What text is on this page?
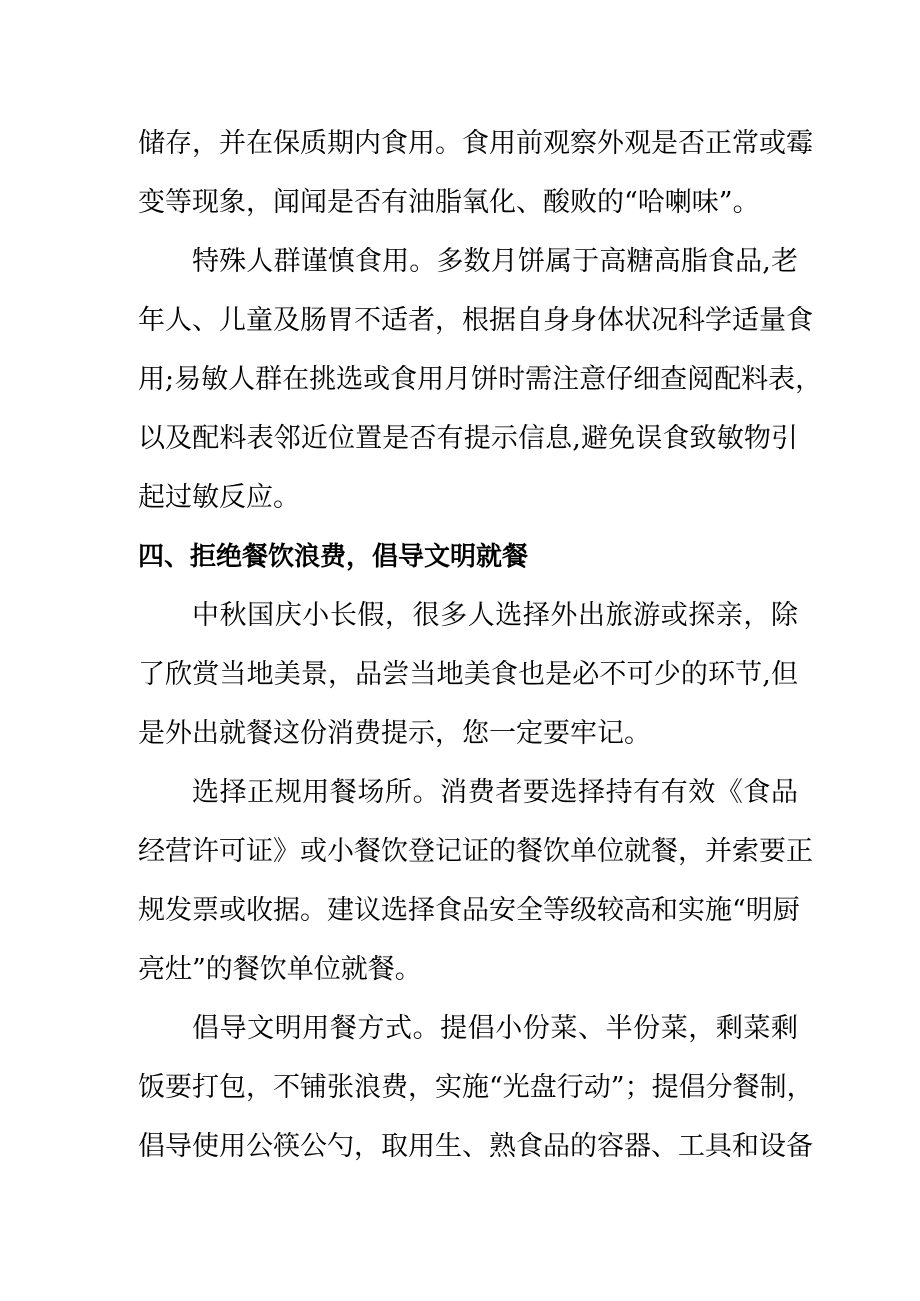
储存，并在保质期内食用。食用前观察外观是否正常或霉
变等现象，闻闻是否有油脂氧化、酸败的“哈喇味”。
特殊人群谨慎食用。多数月饼属于高糖高脂食品,老
年人、儿童及肠胃不适者，根据自身身体状况科学适量食
用;易敏人群在挑选或食用月饼时需注意仔细查阅配料表，
以及配料表邻近位置是否有提示信息,避免误食致敏物引
起过敏反应。
四、拒绝餐饮浪费，倡导文明就餐
中秋国庆小长假，很多人选择外出旅游或探亲，除
了欣赏当地美景，品尝当地美食也是必不可少的环节,但
是外出就餐这份消费提示，您一定要牢记。
选择正规用餐场所。消费者要选择持有有效《食品
经营许可证》或小餐饮登记证的餐饮单位就餐，并索要正
规发票或收据。建议选择食品安全等级较高和实施“明厨
亮灶”的餐饮单位就餐。
倡导文明用餐方式。提倡小份菜、半份菜，剩菜剩
饭要打包，不铺张浪费，实施“光盘行动”；提倡分餐制，
倡导使用公筷公勺，取用生、熟食品的容器、工具和设备
